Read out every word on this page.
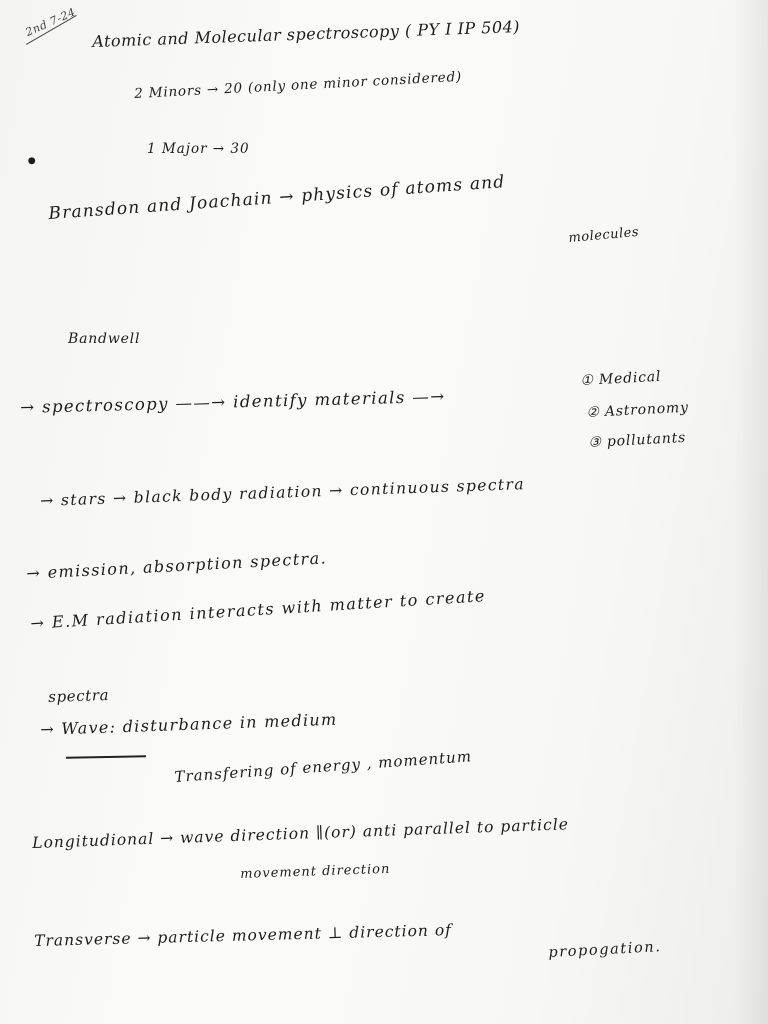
2nd 7-24 Atomic and Molecular spectroscopy ( PY I IP 504)
2 Minors → 20 (only one minor considered)
●
1 Major → 30
Bransdon and Joachain → physics of atoms and
molecules
Bandwell
→ spectroscopy ——→ identify materials —→
① Medical
② Astronomy
③ pollutants
→ stars → black body radiation → continuous spectra
→ emission, absorption spectra.
→ E.M radiation interacts with matter to create
spectra
→ Wave: disturbance in medium
Transfering of energy , momentum
Longitudional → wave direction ∥(or) anti parallel to particle
movement direction
Transverse → particle movement ⊥ direction of
propogation.
